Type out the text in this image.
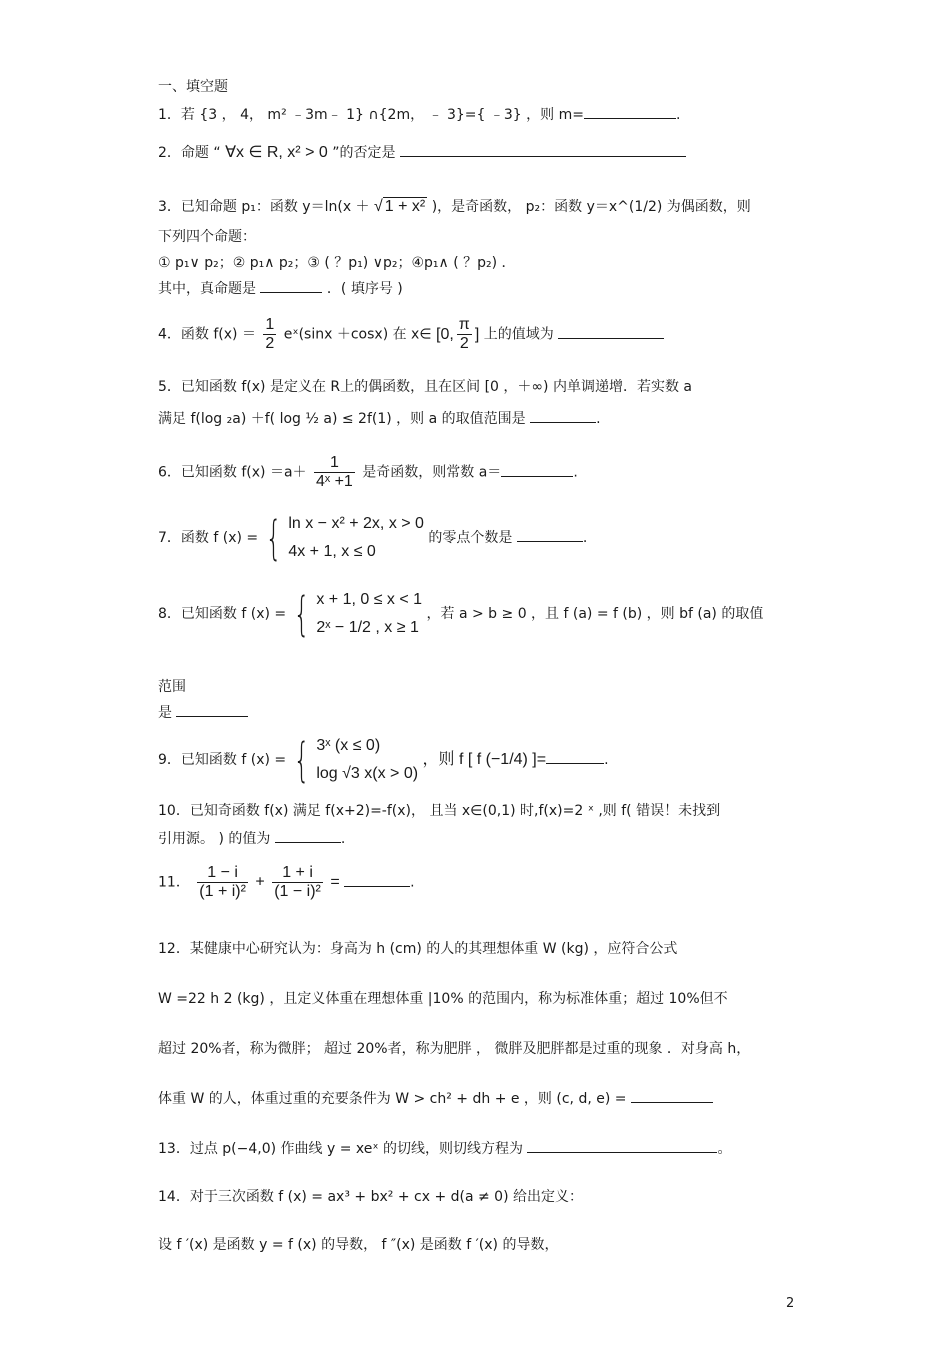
一、填空题
1．若 {3 ， 4， m² ﹣3m﹣ 1} ∩{2m， ﹣ 3}={ ﹣3} ，则 m=	.
2．命题 “ ∀x ∈ R, x² > 0 ”的否定是
3．已知命题 p₁：函数 y＝ln(x ＋ √ 1 + x² )，是奇函数， p₂：函数 y＝x^(1/2) 为偶函数，则
下列四个命题：
① p₁∨ p₂；② p₁∧ p₂；③ ( ？p₁) ∨p₂；④p₁∧ ( ？p₂) ．
其中，真命题是	．( 填序号 )
4．函数 $f(x) = \frac{1}{2}$ eˣ(sinx ＋cosx) 在 x∈ [0, $\frac{\pi}{2}$ ] 上的值域为
5．已知函数 f(x) 是定义在 R上的偶函数，且在区间 [0 ，＋∞) 内单调递增．若实数 a
满足 f(log ₂a) ＋f( log ½ a) ≤ 2f(1) ，则 a 的取值范围是	.
6．已知函数 $f(x) =a+ \frac{1}{\text{4ˣ +1}}$ 是奇函数，则常数 a＝	.
7．函数 f (x) = { ln x − x² + 2x, x > 0
4x + 1, x ≤ 0
的零点个数是	.
8．已知函数 f (x) = { x + 1, 0 ≤ x < 1
2ˣ − 1/2 , x ≥ 1
，若 a > b ≥ 0 ，且 f (a) = f (b) ，则 bf (a) 的取值
范围
是
9．已知函数 f (x) = { 3ˣ (x ≤ 0)
log √3 x(x > 0)
，则 f [ f (−1/4) ]=	.
10．已知奇函数 f(x) 满足 f(x+2)=-f(x)， 且当 x∈(0,1) 时,f(x)=2 ˣ ,则 f( 错误！未找到
引用源。 ) 的值为	.
11． $\frac{1 - i}{\text{(1 + i)²}} + \frac{1 + i}{\text{(1 − i)²}}$ =	.
12．某健康中心研究认为：身高为 h (cm) 的人的其理想体重 W (kg) ，应符合公式
W =22 h 2 (kg) ，且定义体重在理想体重 |10% 的范围内，称为标准体重；超过 10%但不
超过 20%者，称为微胖； 超过 20%者，称为肥胖 ， 微胖及肥胖都是过重的现象 ．对身高 h，
体重 W 的人，体重过重的充要条件为 W > ch² + dh + e ，则 (c, d, e) =
13．过点 p(−4,0) 作曲线 y = xeˣ 的切线，则切线方程为	。
14．对于三次函数 f (x) = ax³ + bx² + cx + d(a ≠ 0) 给出定义：
设 f ′(x) 是函数 y = f (x) 的导数， f ″(x) 是函数 f ′(x) 的导数，
2
